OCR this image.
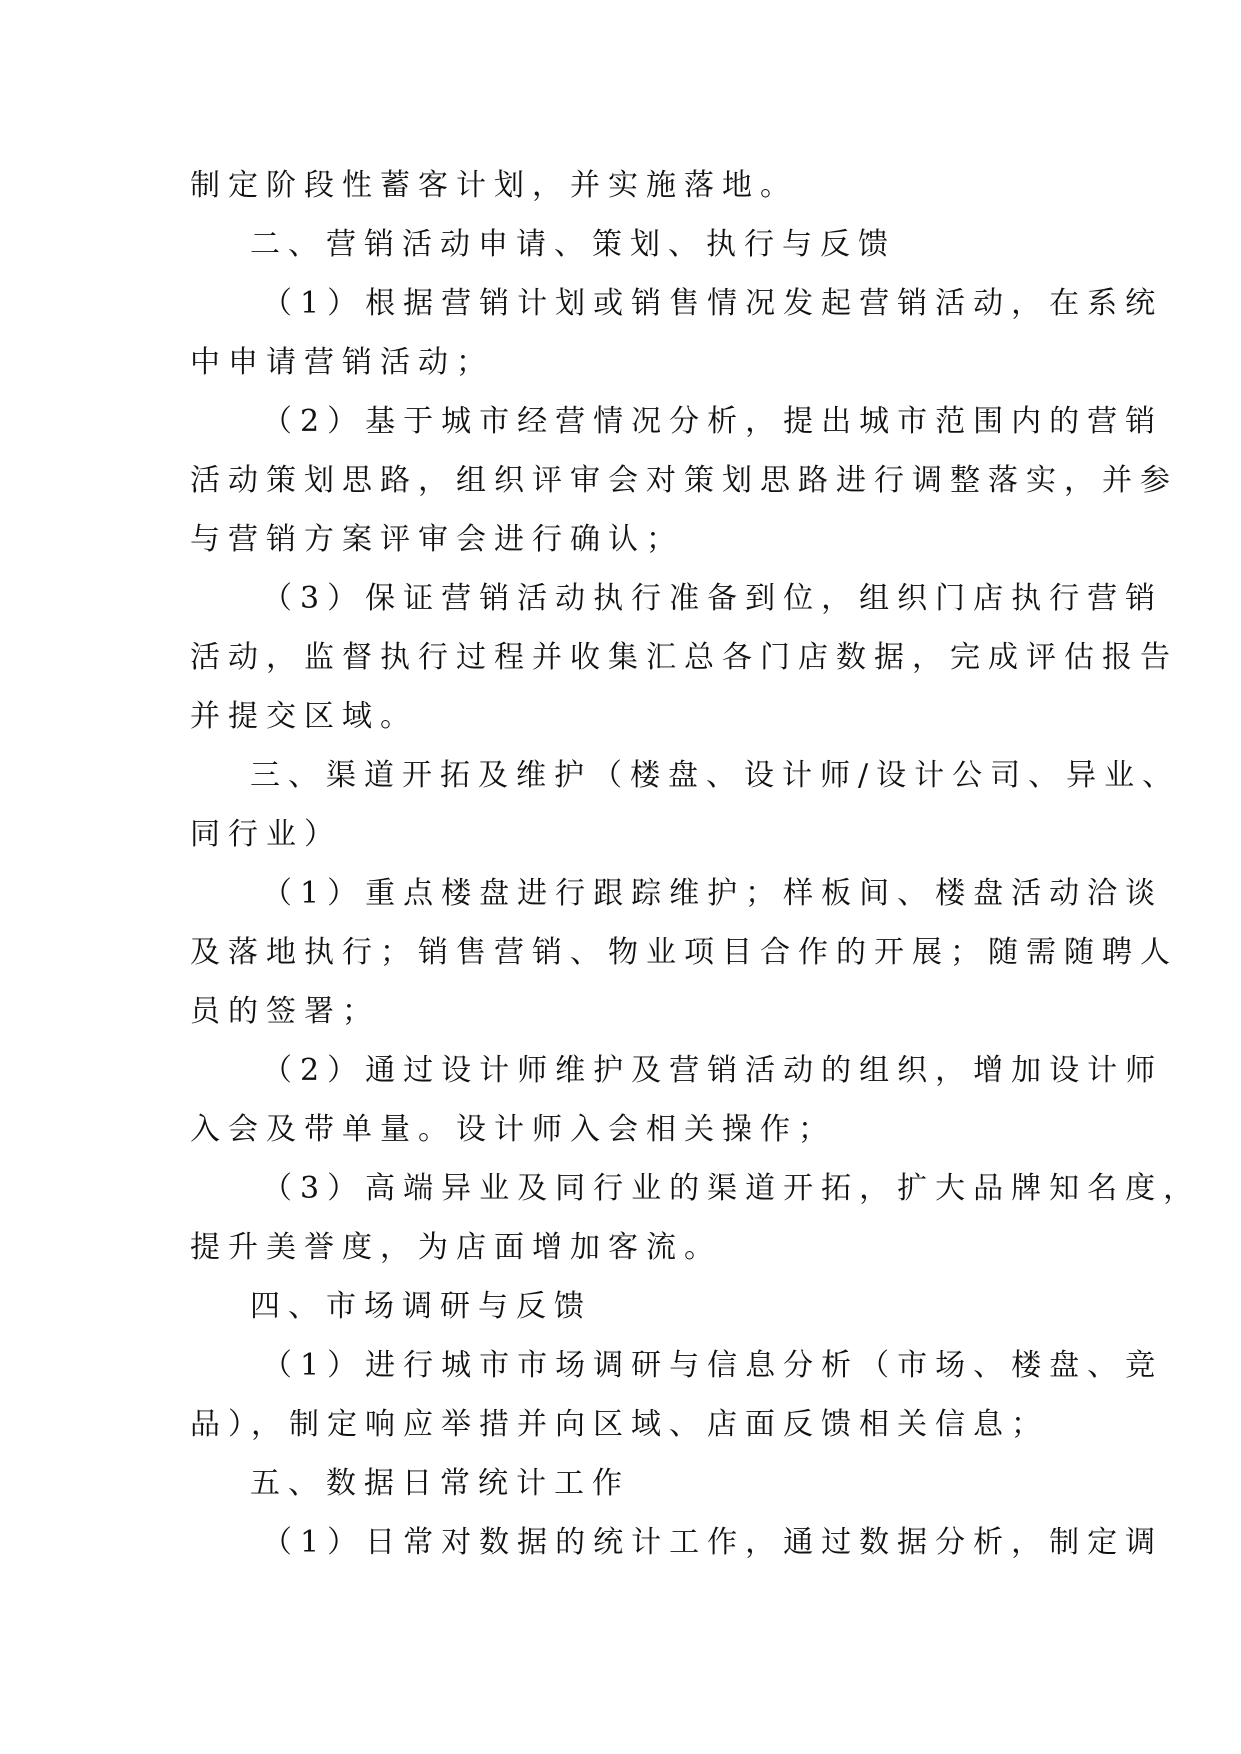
制定阶段性蓄客计划，并实施落地。
二、营销活动申请、策划、执行与反馈
（1）根据营销计划或销售情况发起营销活动，在系统
中申请营销活动；
（2）基于城市经营情况分析，提出城市范围内的营销
活动策划思路，组织评审会对策划思路进行调整落实，并参
与营销方案评审会进行确认；
（3）保证营销活动执行准备到位，组织门店执行营销
活动，监督执行过程并收集汇总各门店数据，完成评估报告
并提交区域。
三、渠道开拓及维护（楼盘、设计师/设计公司、异业、
同行业）
（1）重点楼盘进行跟踪维护；样板间、楼盘活动洽谈
及落地执行；销售营销、物业项目合作的开展；随需随聘人
员的签署；
（2）通过设计师维护及营销活动的组织，增加设计师
入会及带单量。设计师入会相关操作；
（3）高端异业及同行业的渠道开拓，扩大品牌知名度，
提升美誉度，为店面增加客流。
四、市场调研与反馈
（1）进行城市市场调研与信息分析（市场、楼盘、竞
品），制定响应举措并向区域、店面反馈相关信息；
五、数据日常统计工作
（1）日常对数据的统计工作，通过数据分析，制定调
